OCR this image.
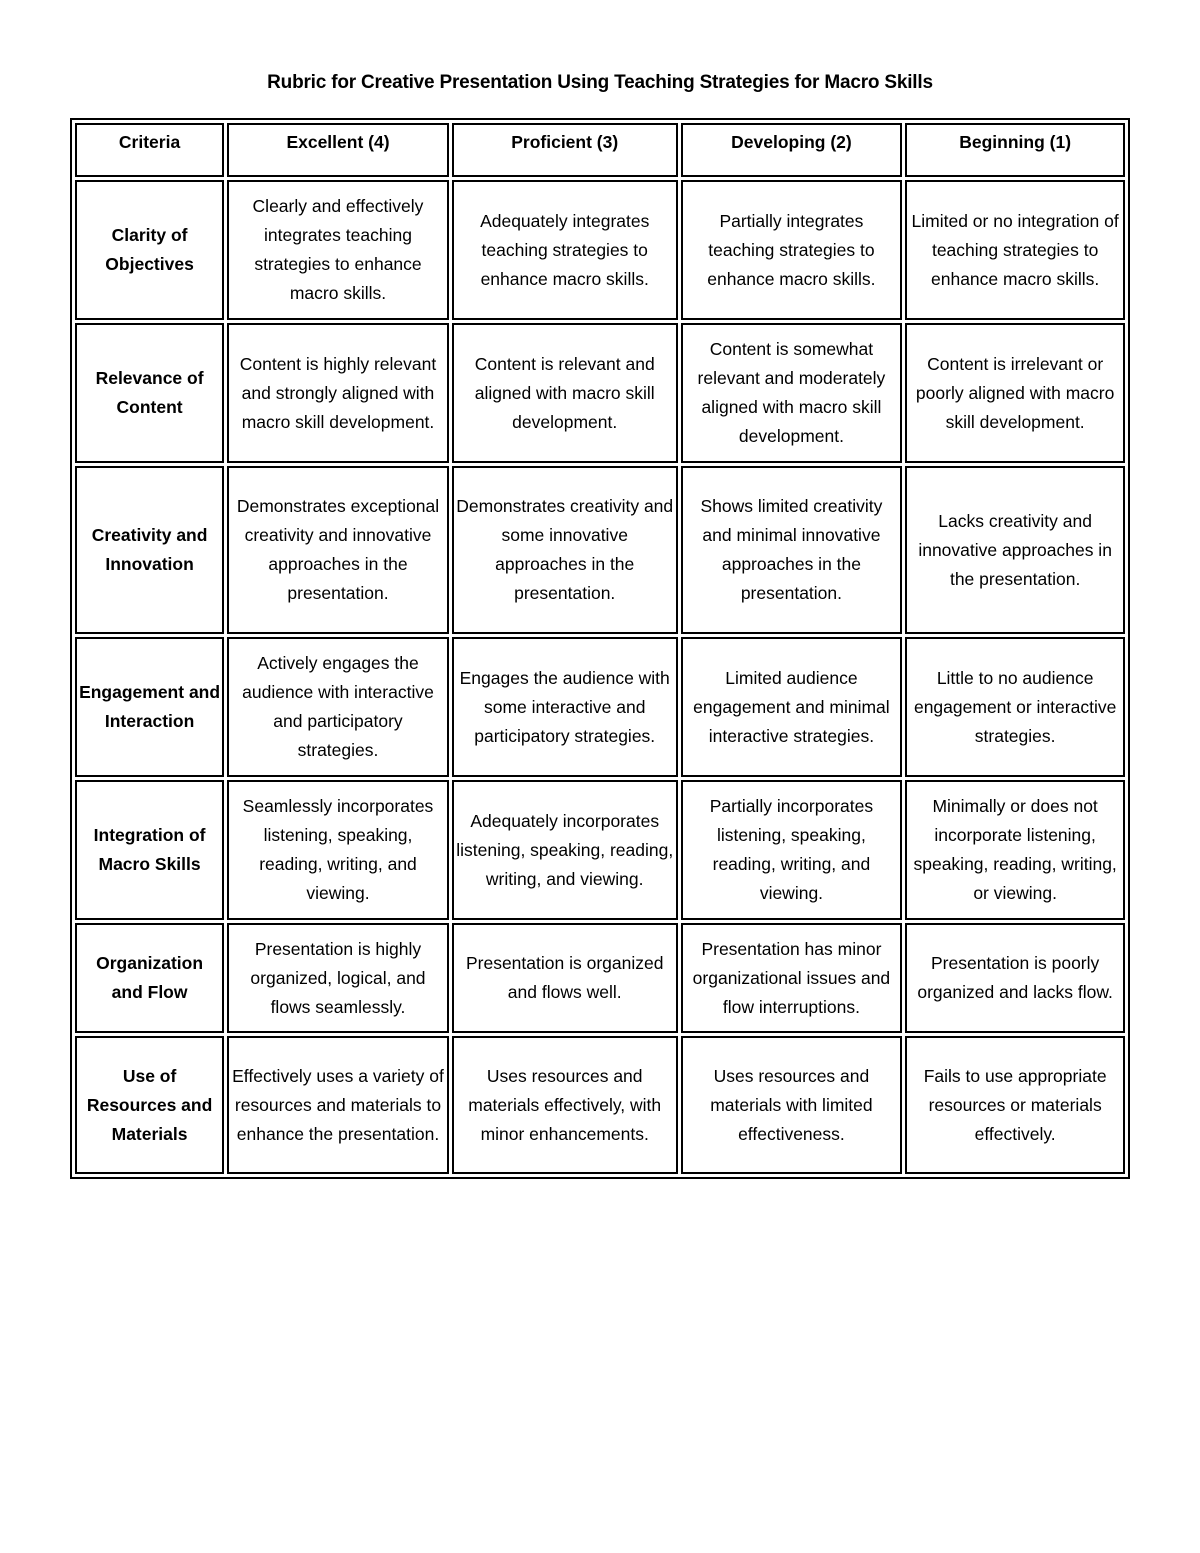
Rubric for Creative Presentation Using Teaching Strategies for Macro Skills
Criteria	Excellent (4)	Proficient (3)	Developing (2)	Beginning (1)
Clarity of Objectives	Clearly and effectively integrates teaching strategies to enhance macro skills.	Adequately integrates teaching strategies to enhance macro skills.	Partially integrates teaching strategies to enhance macro skills.	Limited or no integration of teaching strategies to enhance macro skills.
Relevance of Content	Content is highly relevant and strongly aligned with macro skill development.	Content is relevant and aligned with macro skill development.	Content is somewhat relevant and moderately aligned with macro skill development.	Content is irrelevant or poorly aligned with macro skill development.
Creativity and Innovation	Demonstrates exceptional creativity and innovative approaches in the presentation.	Demonstrates creativity and some innovative approaches in the presentation.	Shows limited creativity and minimal innovative approaches in the presentation.	Lacks creativity and innovative approaches in the presentation.
Engagement and Interaction	Actively engages the audience with interactive and participatory strategies.	Engages the audience with some interactive and participatory strategies.	Limited audience engagement and minimal interactive strategies.	Little to no audience engagement or interactive strategies.
Integration of Macro Skills	Seamlessly incorporates listening, speaking, reading, writing, and viewing.	Adequately incorporates listening, speaking, reading, writing, and viewing.	Partially incorporates listening, speaking, reading, writing, and viewing.	Minimally or does not incorporate listening, speaking, reading, writing, or viewing.
Organization and Flow	Presentation is highly organized, logical, and flows seamlessly.	Presentation is organized and flows well.	Presentation has minor organizational issues and flow interruptions.	Presentation is poorly organized and lacks flow.
Use of Resources and Materials	Effectively uses a variety of resources and materials to enhance the presentation.	Uses resources and materials effectively, with minor enhancements.	Uses resources and materials with limited effectiveness.	Fails to use appropriate resources or materials effectively.
